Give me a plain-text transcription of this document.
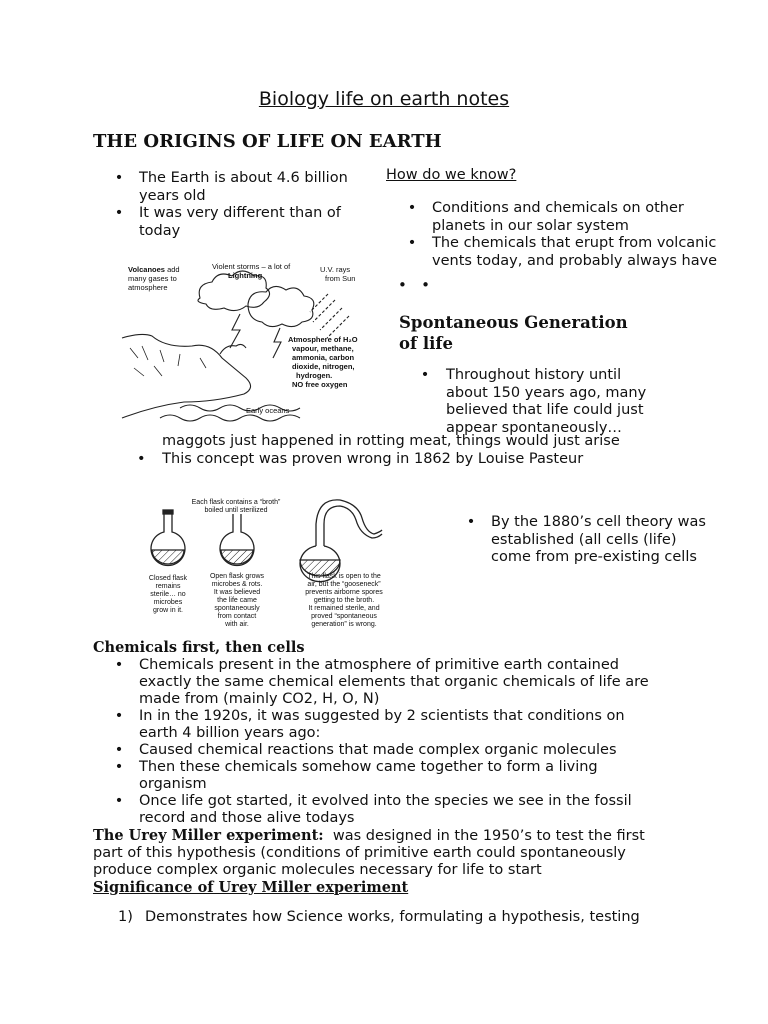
Biology life on earth notes
THE ORIGINS OF LIFE ON EARTH
• The Earth is about 4.6 billion
years old
• It was very different than of
today
How do we know?
• Conditions and chemicals on other
planets in our solar system
• The chemicals that erupt from volcanic
vents today, and probably always have
• •
Volcanoes add
many gases to
atmosphere
Violent storms – a lot of
Lightning
U.V. rays
from Sun
Atmosphere of H₂O
vapour, methane,
ammonia, carbon
dioxide, nitrogen,
hydrogen.
NO free oxygen
Early oceans
Spontaneous Generation
of life
• Throughout history until
about 150 years ago, many
believed that life could just
appear spontaneously…
maggots just happened in rotting meat, things would just arise
• This concept was proven wrong in 1862 by Louise Pasteur
Each flask contains a “broth”
boiled until sterilized
Closed flask
remains
sterile… no
microbes
grow in it.
Open flask grows
microbes & rots.
It was believed
the life came
spontaneously
from contact
with air.
This flask is open to the
air, but the “gooseneck”
prevents airborne spores
getting to the broth.
It remained sterile, and
proved “spontaneous
generation” is wrong.
• By the 1880’s cell theory was
established (all cells (life)
come from pre-existing cells
Chemicals first, then cells
• Chemicals present in the atmosphere of primitive earth contained
exactly the same chemical elements that organic chemicals of life are
made from (mainly CO2, H, O, N)
• In in the 1920s, it was suggested by 2 scientists that conditions on
earth 4 billion years ago:
• Caused chemical reactions that made complex organic molecules
• Then these chemicals somehow came together to form a living
organism
• Once life got started, it evolved into the species we see in the fossil
record and those alive todays
The Urey Miller experiment:  was designed in the 1950’s to test the first
part of this hypothesis (conditions of primitive earth could spontaneously
produce complex organic molecules necessary for life to start
Significance of Urey Miller experiment
1) Demonstrates how Science works, formulating a hypothesis, testing
